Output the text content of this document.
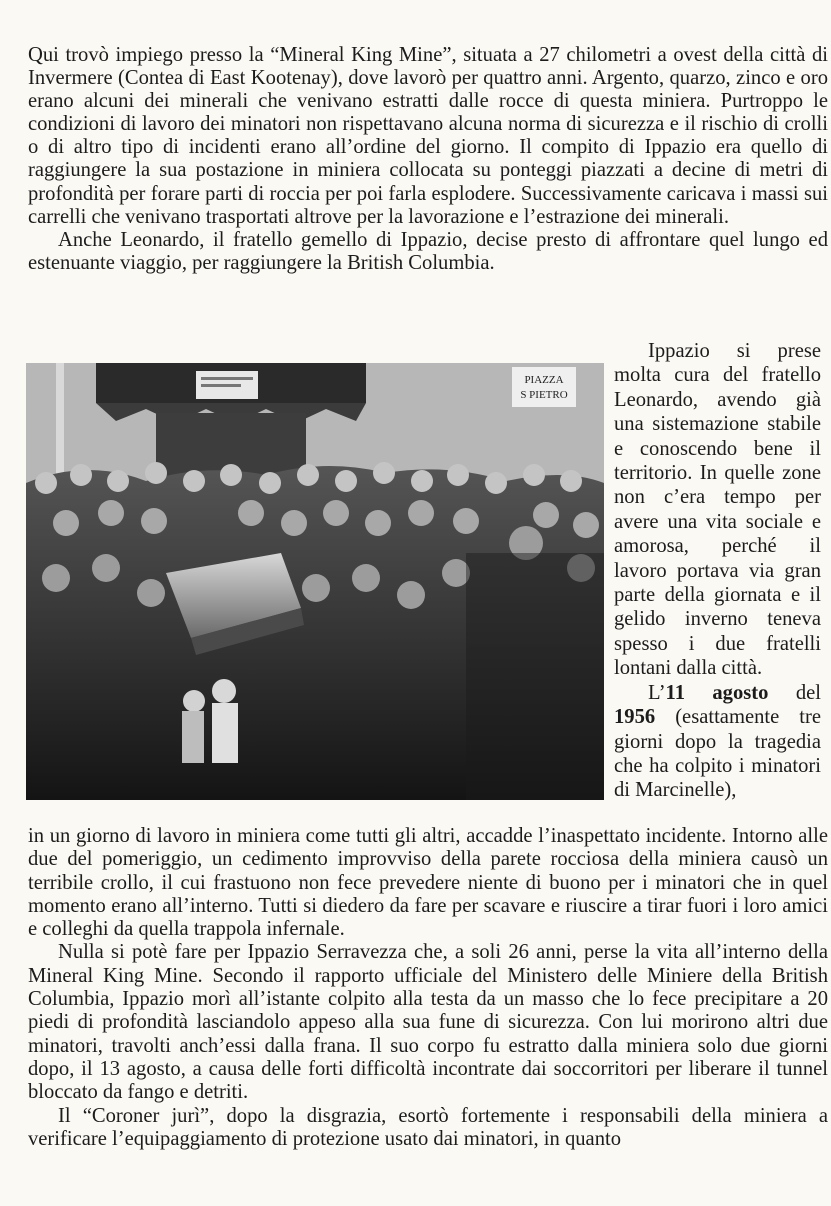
Qui trovò impiego presso la “Mineral King Mine”, situata a 27 chilometri a ovest della città di Invermere (Contea di East Kootenay), dove lavorò per quattro anni. Argento, quarzo, zinco e oro erano alcuni dei minerali che venivano estratti dalle rocce di questa miniera. Purtroppo le condizioni di lavoro dei minatori non rispettavano alcuna norma di sicurezza e il rischio di crolli o di altro tipo di incidenti erano all’ordine del giorno. Il compito di Ippazio era quello di raggiungere la sua postazione in miniera collocata su ponteggi piazzati a decine di metri di profondità per forare parti di roccia per poi farla esplodere. Successivamente caricava i massi sui carrelli che venivano trasportati altrove per la lavorazione e l’estrazione dei minerali.

Anche Leonardo, il fratello gemello di Ippazio, decise presto di affrontare quel lungo ed estenuante viaggio, per raggiungere la British Columbia.

PIAZZA
S PIETRO

Ippazio si prese molta cura del fratello Leonardo, avendo già una sistemazione stabile e conoscendo bene il territorio. In quelle zone non c’era tempo per avere una vita sociale e amorosa, perché il lavoro portava via gran parte della giornata e il gelido inverno teneva spesso i due fratelli lontani dalla città.

L’11 agosto del 1956 (esattamente tre giorni dopo la tragedia che ha colpito i minatori di Marcinelle),

in un giorno di lavoro in miniera come tutti gli altri, accadde l’inaspettato incidente. Intorno alle due del pomeriggio, un cedimento improvviso della parete rocciosa della miniera causò un terribile crollo, il cui frastuono non fece prevedere niente di buono per i minatori che in quel momento erano all’interno. Tutti si diedero da fare per scavare e riuscire a tirar fuori i loro amici e colleghi da quella trappola infernale.

Nulla si potè fare per Ippazio Serravezza che, a soli 26 anni, perse la vita all’interno della Mineral King Mine. Secondo il rapporto ufficiale del Ministero delle Miniere della British Columbia, Ippazio morì all’istante colpito alla testa da un masso che lo fece precipitare a 20 piedi di profondità lasciandolo appeso alla sua fune di sicurezza. Con lui morirono altri due minatori, travolti anch’essi dalla frana. Il suo corpo fu estratto dalla miniera solo due giorni dopo, il 13 agosto, a causa delle forti difficoltà incontrate dai soccorritori per liberare il tunnel bloccato da fango e detriti.

Il “Coroner jurì”, dopo la disgrazia, esortò fortemente i responsabili della miniera a verificare l’equipaggiamento di protezione usato dai minatori, in quanto
